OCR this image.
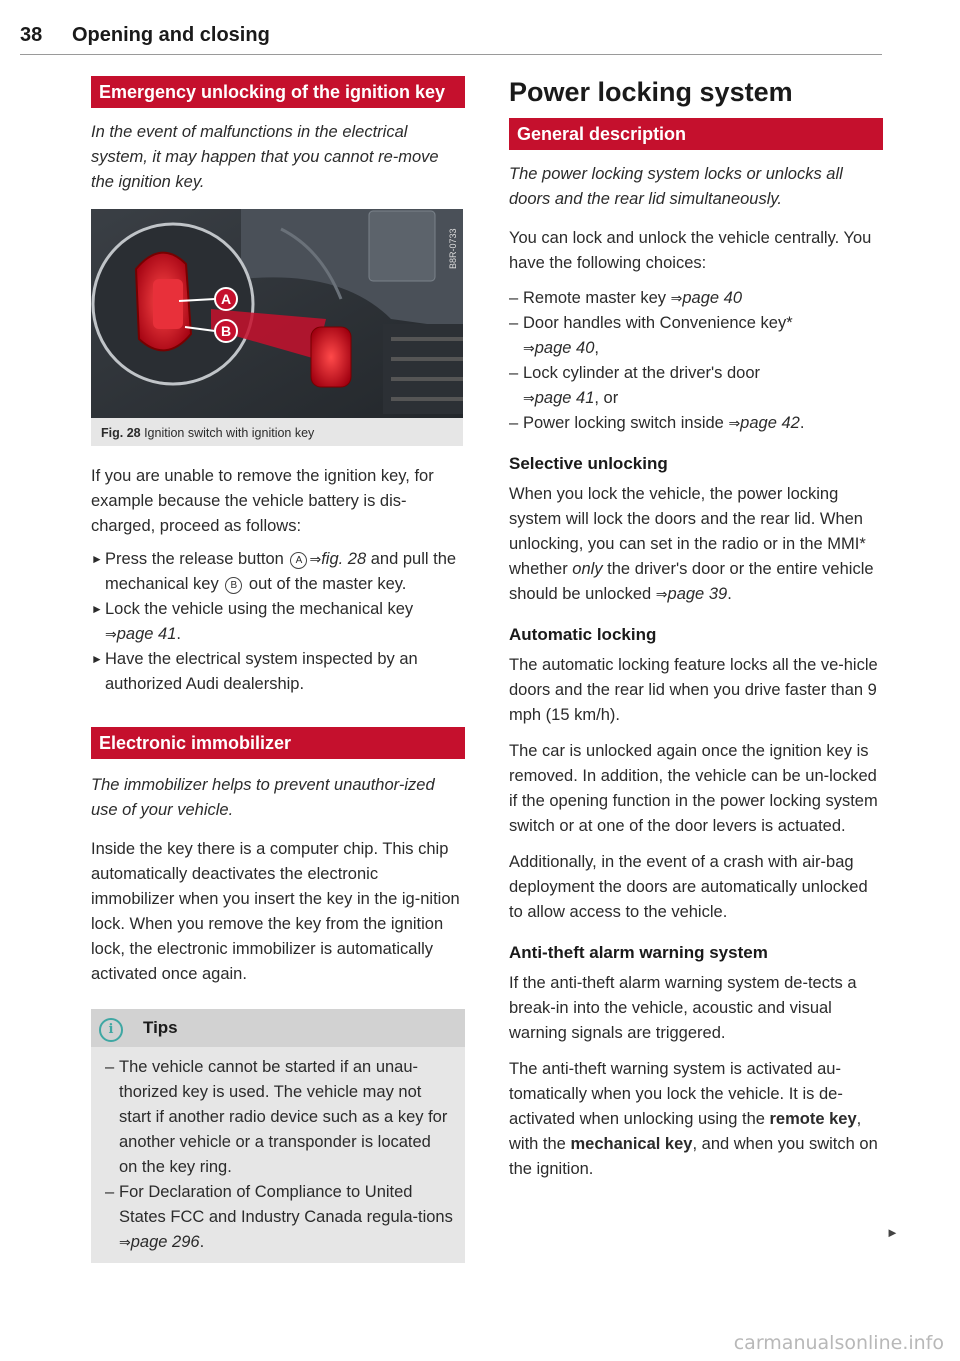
38 Opening and closing
Emergency unlocking of the ignition key

In the event of malfunctions in the electrical system, it may happen that you cannot re-move the ignition key.

A
B
B8R-0733
Fig. 28 Ignition switch with ignition key

If you are unable to remove the ignition key, for example because the vehicle battery is dis-charged, proceed as follows:

► Press the release button A ⇒fig. 28 and pull the mechanical key B out of the master key.
► Lock the vehicle using the mechanical key ⇒page 41.
► Have the electrical system inspected by an authorized Audi dealership.
Electronic immobilizer

The immobilizer helps to prevent unauthor-ized use of your vehicle.

Inside the key there is a computer chip. This chip automatically deactivates the electronic immobilizer when you insert the key in the ig-nition lock. When you remove the key from the ignition lock, the electronic immobilizer is automatically activated once again.

i	Tips
– The vehicle cannot be started if an unau-thorized key is used. The vehicle may not start if another radio device such as a key for another vehicle or a transponder is located on the key ring.
– For Declaration of Compliance to United States FCC and Industry Canada regula-tions ⇒page 296.
Power locking system
General description

The power locking system locks or unlocks all doors and the rear lid simultaneously.

You can lock and unlock the vehicle centrally. You have the following choices:

– Remote master key ⇒page 40
– Door handles with Convenience key*
⇒page 40,
– Lock cylinder at the driver's door
⇒page 41, or
– Power locking switch inside ⇒page 42.
Selective unlocking

When you lock the vehicle, the power locking system will lock the doors and the rear lid. When unlocking, you can set in the radio or in the MMI* whether only the driver's door or the entire vehicle should be unlocked ⇒page 39.

Automatic locking

The automatic locking feature locks all the ve-hicle doors and the rear lid when you drive faster than 9 mph (15 km/h).

The car is unlocked again once the ignition key is removed. In addition, the vehicle can be un-locked if the opening function in the power locking system switch or at one of the door levers is actuated.

Additionally, in the event of a crash with air-bag deployment the doors are automatically unlocked to allow access to the vehicle.

Anti-theft alarm warning system

If the anti-theft alarm warning system de-tects a break-in into the vehicle, acoustic and visual warning signals are triggered.

The anti-theft warning system is activated au-tomatically when you lock the vehicle. It is de-activated when unlocking using the remote key, with the mechanical key, and when you switch on the ignition.

►
carmanualsonline.info
